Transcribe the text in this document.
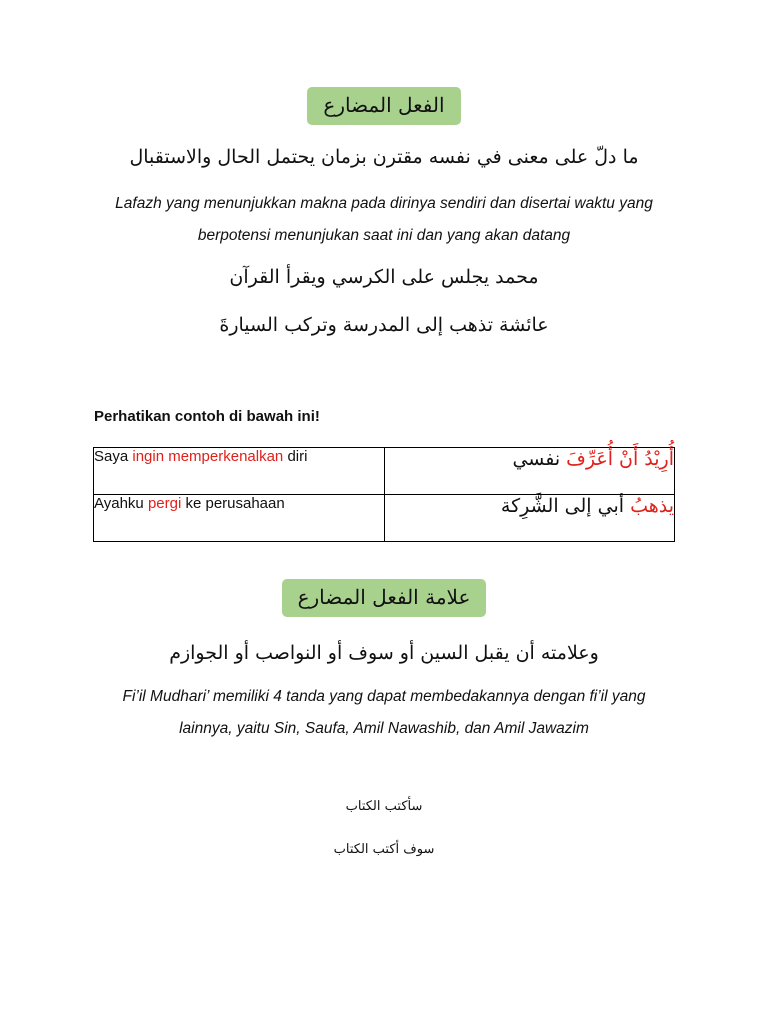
الفعل المضارع
ما دلّ على معنى في نفسه مقترن بزمان يحتمل الحال والاستقبال
Lafazh yang menunjukkan makna pada dirinya sendiri dan disertai waktu yang
berpotensi menunjukan saat ini dan yang akan datang
محمد يجلس على الكرسي ويقرأ القرآن
عائشة تذهب إلى المدرسة وتركب السيارةَ
Perhatikan contoh di bawah ini!
Saya ingin memperkenalkan diri	أُرِيْدُ أَنْ أُعَرِّفَ نفسي
Ayahku pergi ke perusahaan	يذهبُ أبي إلى الشَّرِكة
علامة الفعل المضارع
وعلامته أن يقبل السين أو سوف أو النواصب أو الجوازم
Fi’il Mudhari’ memiliki 4 tanda yang dapat membedakannya dengan fi’il yang
lainnya, yaitu Sin, Saufa, Amil Nawashib, dan Amil Jawazim
سأكتب الكتاب
سوف أكتب الكتاب
